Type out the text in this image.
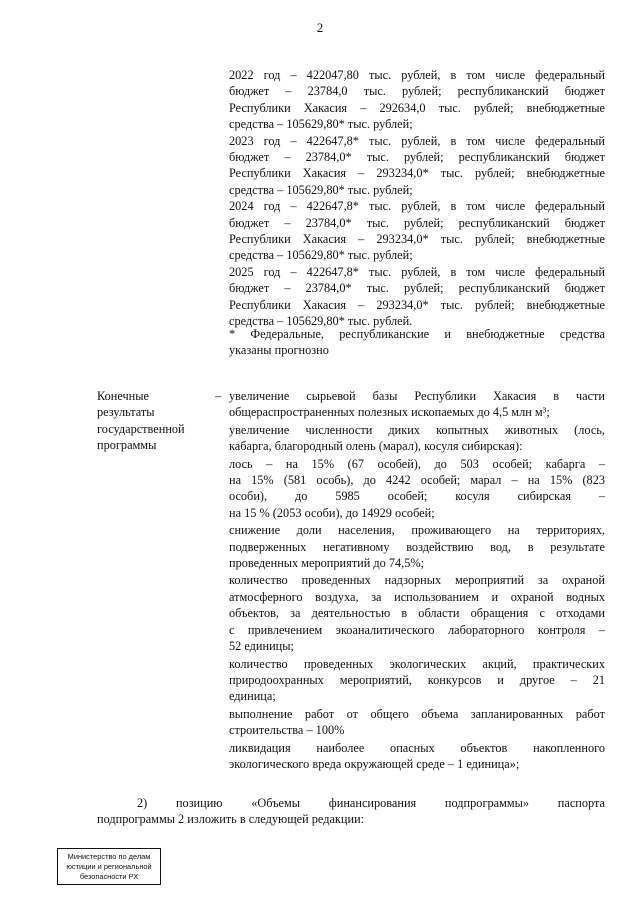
2
2022 год – 422047,80 тыс. рублей, в том числе федеральный
бюджет – 23784,0 тыс. рублей; республиканский бюджет
Республики Хакасия – 292634,0 тыс. рублей; внебюджетные
средства – 105629,80* тыс. рублей;
2023 год – 422647,8* тыс. рублей, в том числе федеральный
бюджет – 23784,0* тыс. рублей; республиканский бюджет
Республики Хакасия – 293234,0* тыс. рублей; внебюджетные
средства – 105629,80* тыс. рублей;
2024 год – 422647,8* тыс. рублей, в том числе федеральный
бюджет – 23784,0* тыс. рублей; республиканский бюджет
Республики Хакасия – 293234,0* тыс. рублей; внебюджетные
средства – 105629,80* тыс. рублей;
2025 год – 422647,8* тыс. рублей, в том числе федеральный
бюджет – 23784,0* тыс. рублей; республиканский бюджет
Республики Хакасия – 293234,0* тыс. рублей; внебюджетные
средства – 105629,80* тыс. рублей.
* Федеральные, республиканские и внебюджетные средства
указаны прогнозно
–
Конечные
результаты
государственной
программы
увеличение сырьевой базы Республики Хакасия в части
общераспространенных полезных ископаемых до 4,5 млн м³;
увеличение численности диких копытных животных (лось,
кабарга, благородный олень (марал), косуля сибирская):
лось – на 15% (67 особей), до 503 особей; кабарга –
на 15% (581 особь), до 4242 особей; марал – на 15% (823
особи), до 5985 особей; косуля сибирская –
на 15 % (2053 особи), до 14929 особей;
снижение доли населения, проживающего на территориях,
подверженных негативному воздействию вод, в результате
проведенных мероприятий до 74,5%;
количество проведенных надзорных мероприятий за охраной
атмосферного воздуха, за использованием и охраной водных
объектов, за деятельностью в области обращения с отходами
с привлечением экоаналитического лабораторного контроля –
52 единицы;
количество проведенных экологических акций, практических
природоохранных мероприятий, конкурсов и другое – 21
единица;
выполнение работ от общего объема запланированных работ
строительства – 100%
ликвидация наиболее опасных объектов накопленного
экологического вреда окружающей среде – 1 единица»;

2) позицию «Объемы финансирования подпрограммы» паспорта
подпрограммы 2 изложить в следующей редакции:

Министерство по делам
юстиции и региональной
безопасности РХ
